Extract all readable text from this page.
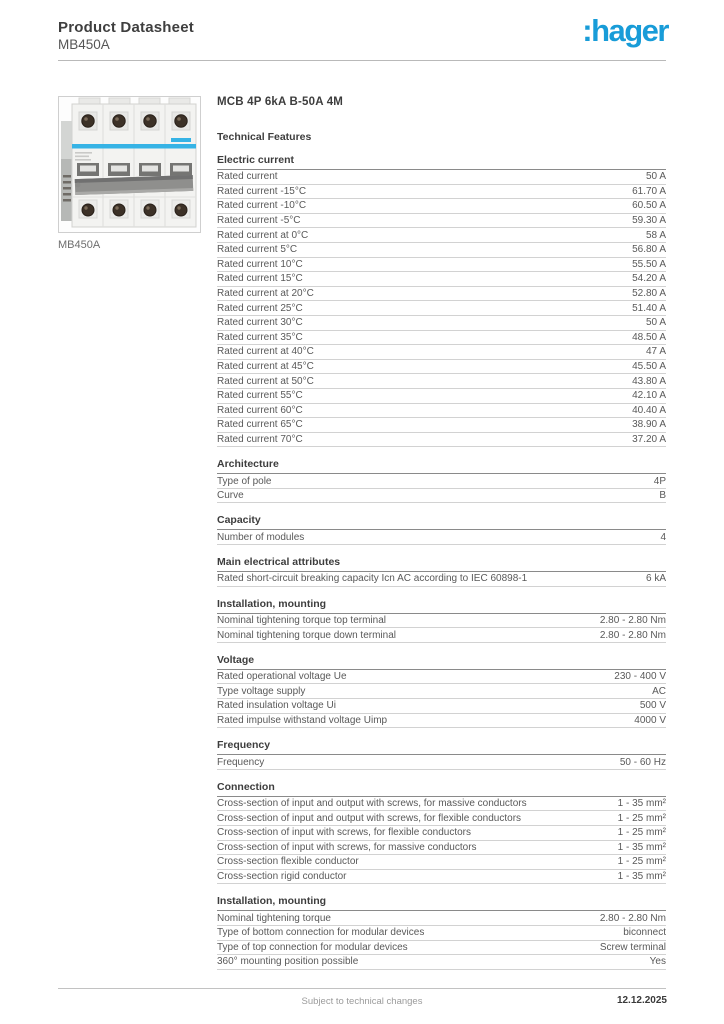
Product Datasheet
MB450A	:hager
MB450A
MCB 4P 6kA B-50A 4M
Technical Features
Electric current
Rated current	50 A
Rated current -15°C	61.70 A
Rated current -10°C	60.50 A
Rated current -5°C	59.30 A
Rated current at 0°C	58 A
Rated current 5°C	56.80 A
Rated current 10°C	55.50 A
Rated current 15°C	54.20 A
Rated current at 20°C	52.80 A
Rated current 25°C	51.40 A
Rated current 30°C	50 A
Rated current 35°C	48.50 A
Rated current at 40°C	47 A
Rated current at 45°C	45.50 A
Rated current at 50°C	43.80 A
Rated current 55°C	42.10 A
Rated current 60°C	40.40 A
Rated current 65°C	38.90 A
Rated current 70°C	37.20 A
Architecture
Type of pole	4P
Curve	B
Capacity
Number of modules	4
Main electrical attributes
Rated short-circuit breaking capacity Icn AC according to IEC 60898-1	6 kA
Installation, mounting
Nominal tightening torque top terminal	2.80 - 2.80 Nm
Nominal tightening torque down terminal	2.80 - 2.80 Nm
Voltage
Rated operational voltage Ue	230 - 400 V
Type voltage supply	AC
Rated insulation voltage Ui	500 V
Rated impulse withstand voltage Uimp	4000 V
Frequency
Frequency	50 - 60 Hz
Connection
Cross-section of input and output with screws, for massive conductors	1 - 35 mm²
Cross-section of input and output with screws, for flexible conductors	1 - 25 mm²
Cross-section of input with screws, for flexible conductors	1 - 25 mm²
Cross-section of input with screws, for massive conductors	1 - 35 mm²
Cross-section flexible conductor	1 - 25 mm²
Cross-section rigid conductor	1 - 35 mm²
Installation, mounting
Nominal tightening torque	2.80 - 2.80 Nm
Type of bottom connection for modular devices	biconnect
Type of top connection for modular devices	Screw terminal
360° mounting position possible	Yes
Subject to technical changes	12.12.2025
